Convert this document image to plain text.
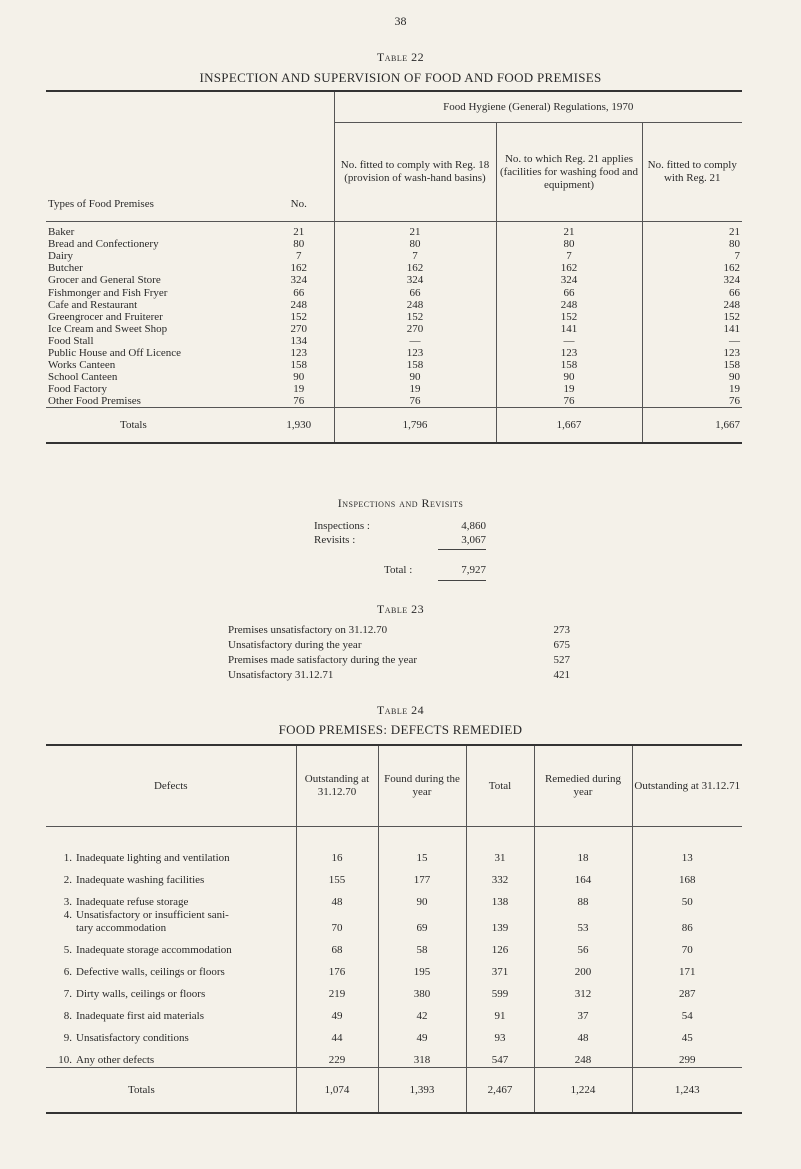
38
Table 22
INSPECTION AND SUPERVISION OF FOOD AND FOOD PREMISES
Types of Food Premises	No.	Food Hygiene (General) Regulations, 1970		
		No. fitted to comply with Reg. 18 (provision of wash-hand basins)	No. to which Reg. 21 applies (facilities for washing food and equipment)	No. fitted to comply with Reg. 21
Baker	21	21	21	21
Bread and Confectionery	80	80	80	80
Dairy	7	7	7	7
Butcher	162	162	162	162
Grocer and General Store	324	324	324	324
Fishmonger and Fish Fryer	66	66	66	66
Cafe and Restaurant	248	248	248	248
Greengrocer and Fruiterer	152	152	152	152
Ice Cream and Sweet Shop	270	270	141	141
Food Stall	134	—	—	—
Public House and Off Licence	123	123	123	123
Works Canteen	158	158	158	158
School Canteen	90	90	90	90
Food Factory	19	19	19	19
Other Food Premises	76	76	76	76
Totals	1,930	1,796	1,667	1,667
Inspections and Revisits
Inspections :	4,860
Revisits :	3,067
Total :	7,927
Table 23
Premises unsatisfactory on 31.12.70	273
Unsatisfactory during the year	675
Premises made satisfactory during the year	527
Unsatisfactory 31.12.71	421
Table 24
FOOD PREMISES: DEFECTS REMEDIED
Defects	Outstanding at 31.12.70	Found during the year	Total	Remedied during year	Outstanding at 31.12.71
1. Inadequate lighting and ventilation	16	15	31	18	13
2. Inadequate washing facilities	155	177	332	164	168
3. Inadequate refuse storage	48	90	138	88	50
4. Unsatisfactory or insufficient sani-
tary accommodation	70	69	139	53	86
5. Inadequate storage accommodation	68	58	126	56	70
6. Defective walls, ceilings or floors	176	195	371	200	171
7. Dirty walls, ceilings or floors	219	380	599	312	287
8. Inadequate first aid materials	49	42	91	37	54
9. Unsatisfactory conditions	44	49	93	48	45
10. Any other defects	229	318	547	248	299
Totals	1,074	1,393	2,467	1,224	1,243
